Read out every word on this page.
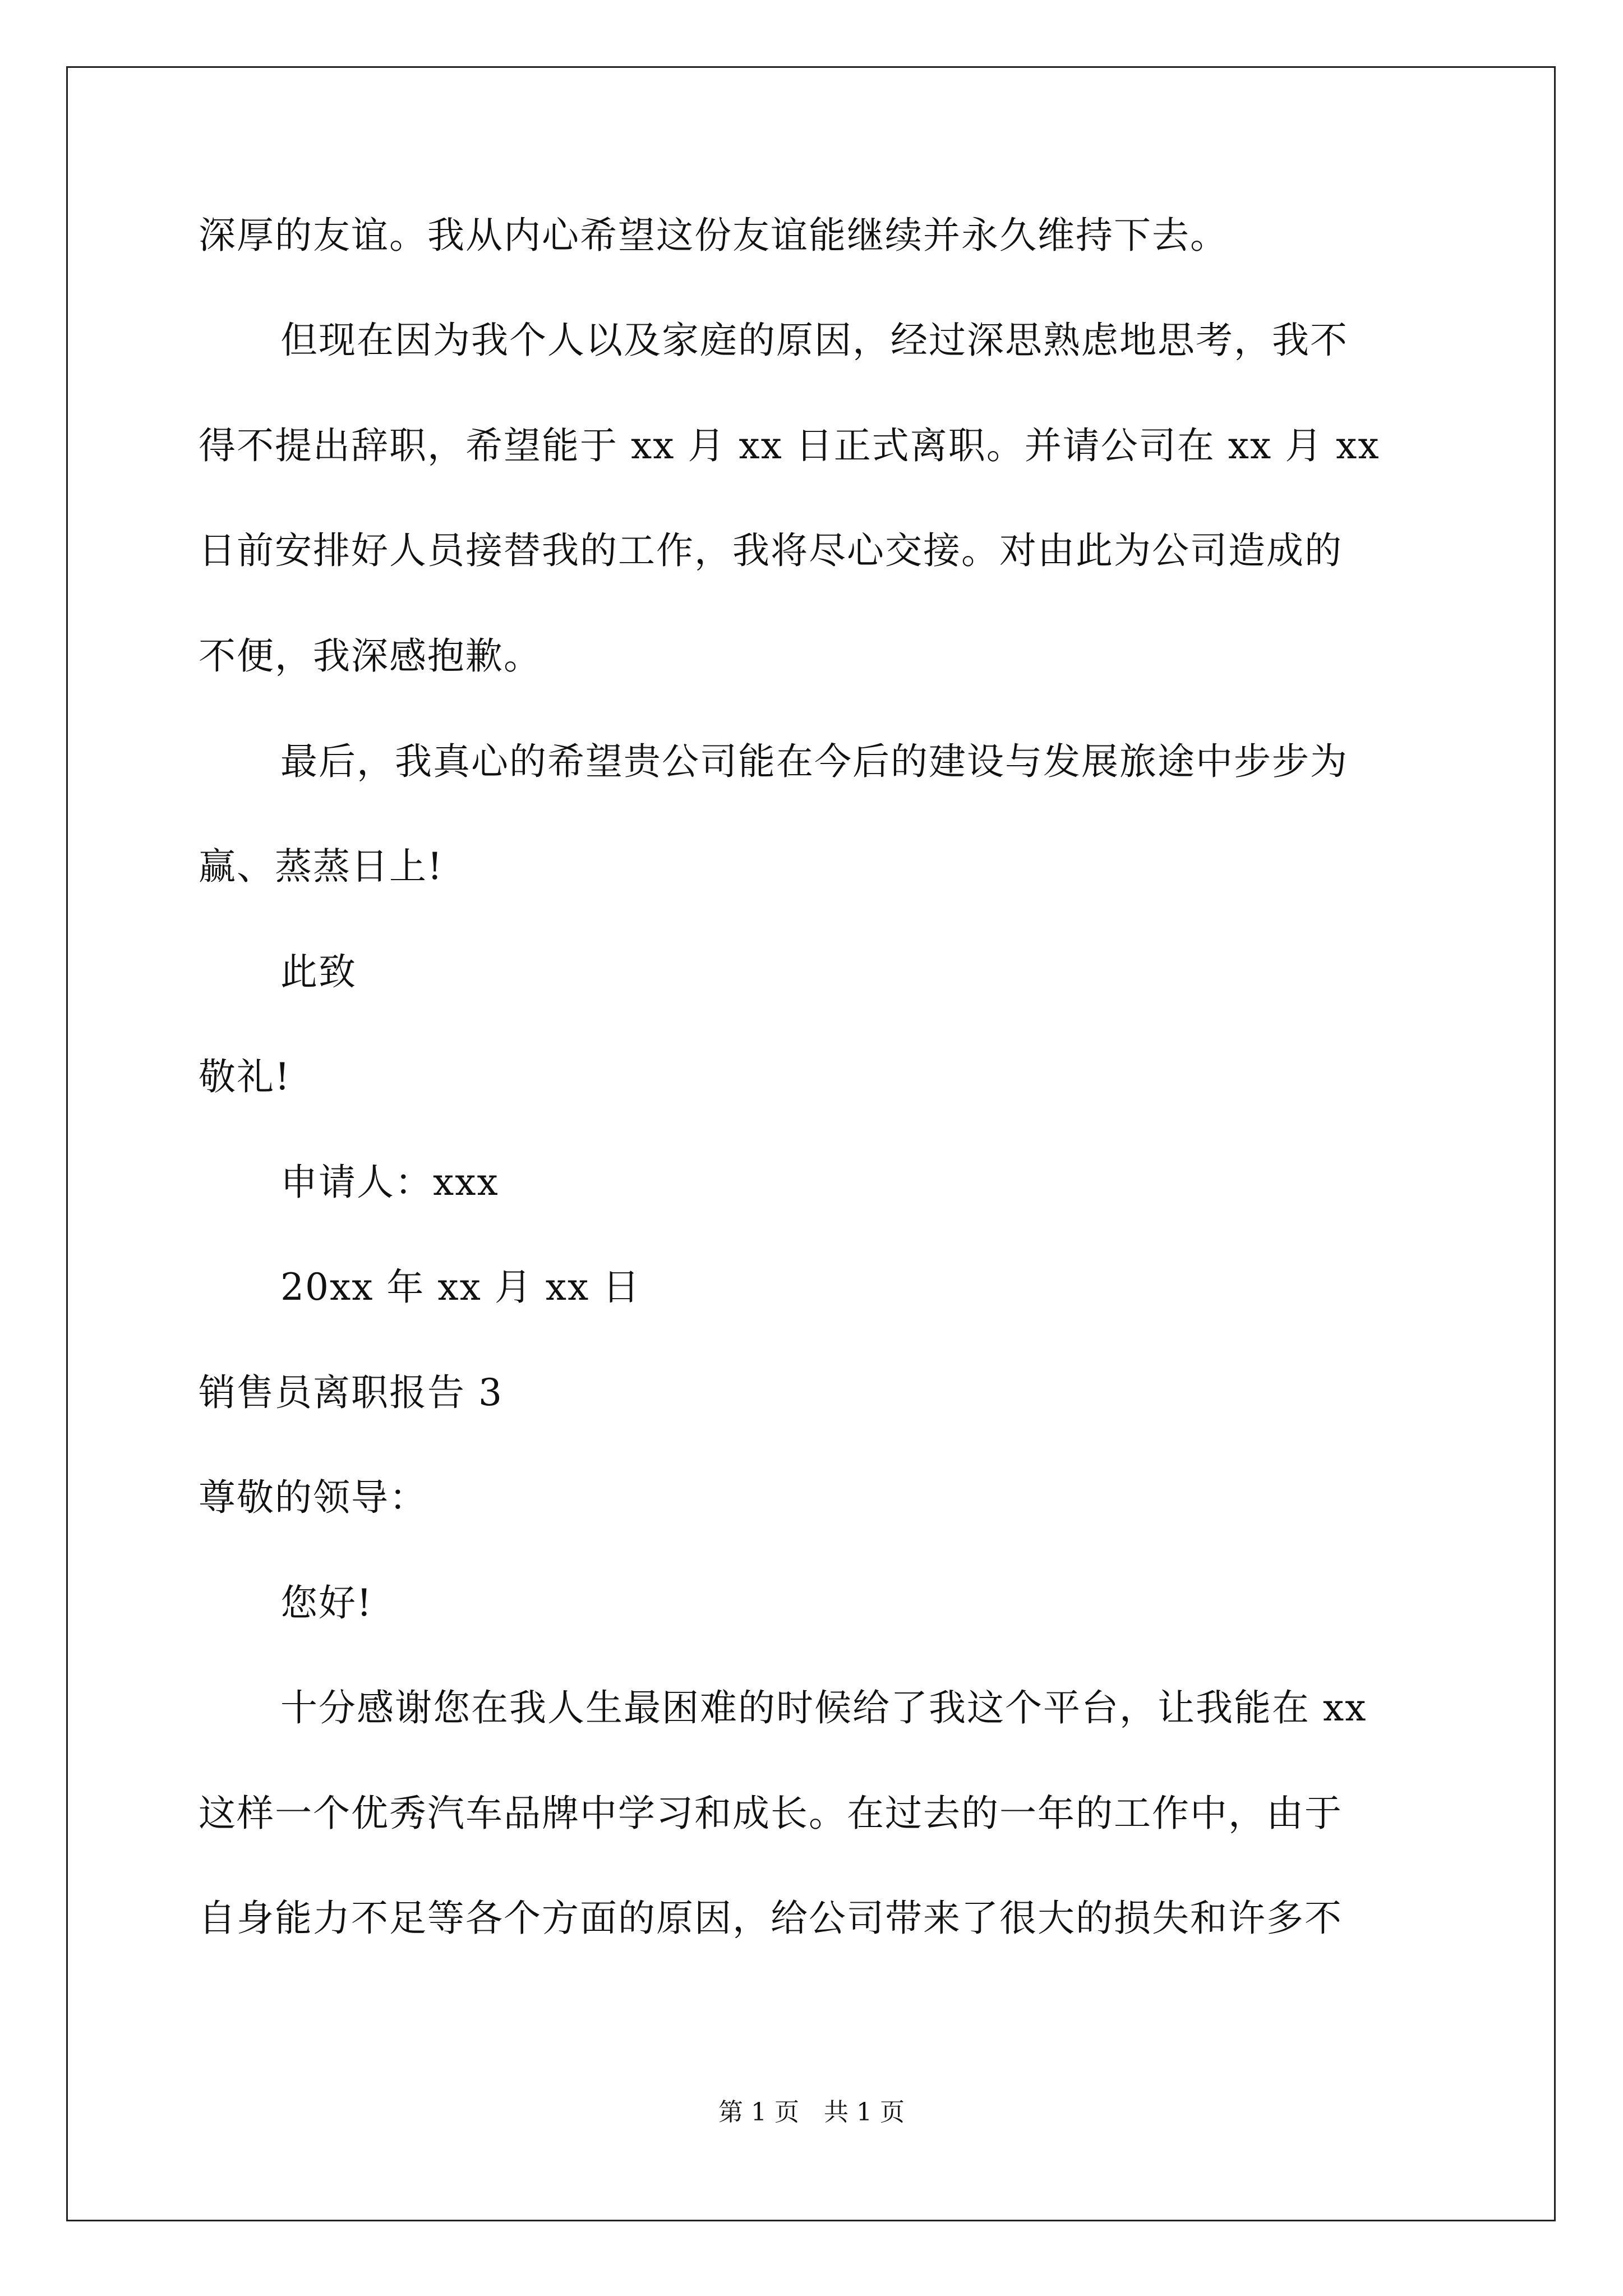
深厚的友谊。我从内心希望这份友谊能继续并永久维持下去。
但现在因为我个人以及家庭的原因，经过深思熟虑地思考，我不
得不提出辞职，希望能于 xx 月 xx 日正式离职。并请公司在 xx 月 xx
日前安排好人员接替我的工作，我将尽心交接。对由此为公司造成的
不便，我深感抱歉。
最后，我真心的希望贵公司能在今后的建设与发展旅途中步步为
赢、蒸蒸日上!
此致
敬礼!
申请人：xxx
20xx 年 xx 月 xx 日
销售员离职报告 3
尊敬的领导：
您好!
十分感谢您在我人生最困难的时候给了我这个平台，让我能在 xx
这样一个优秀汽车品牌中学习和成长。在过去的一年的工作中，由于
自身能力不足等各个方面的原因，给公司带来了很大的损失和许多不
第 1 页　共 1 页
